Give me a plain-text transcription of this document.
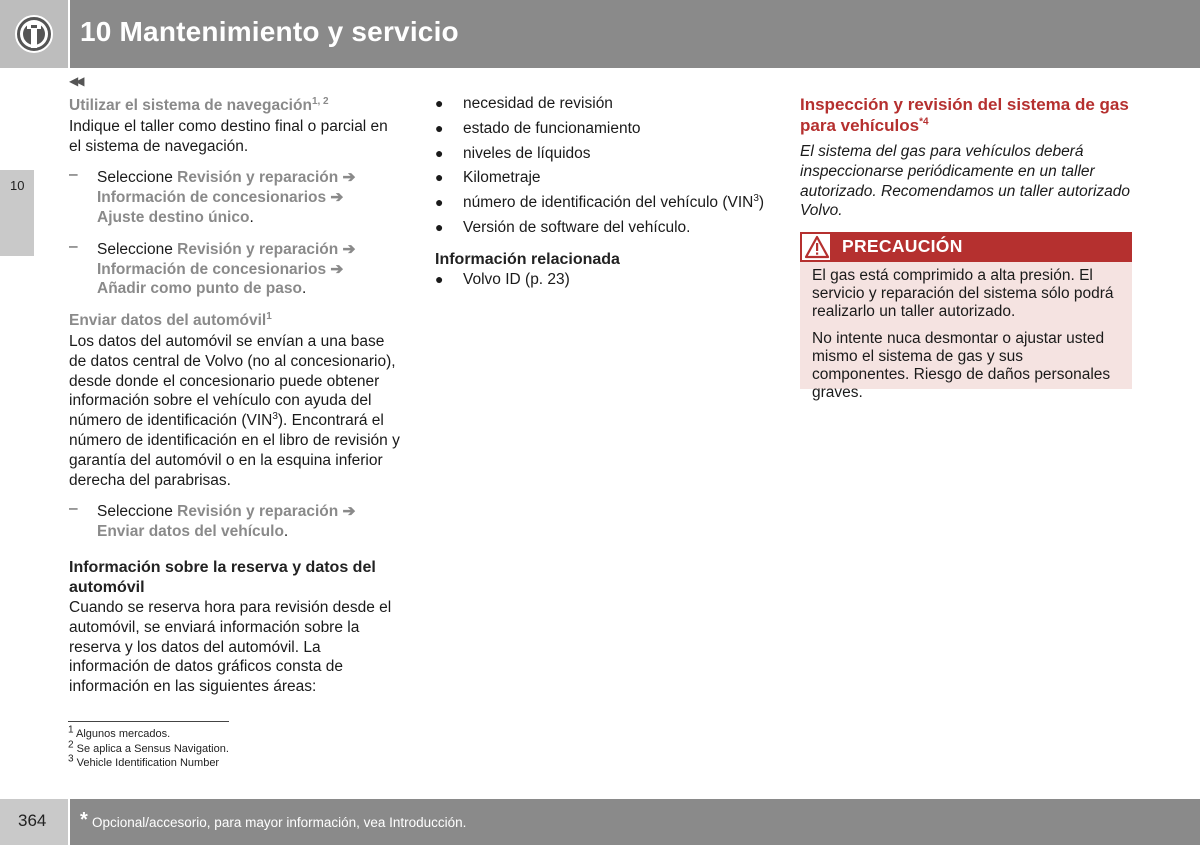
10 Mantenimiento y servicio
10
◀◀
Utilizar el sistema de navegación$^{1, 2}$
Indique el taller como destino final o parcial en el sistema de navegación.
– Seleccione Revisión y reparación ➔
Información de concesionarios ➔
Ajuste destino único.
– Seleccione Revisión y reparación ➔
Información de concesionarios ➔
Añadir como punto de paso.
Enviar datos del automóvil$^1$
Los datos del automóvil se envían a una base de datos central de Volvo (no al concesionario), desde donde el concesionario puede obtener información sobre el vehículo con ayuda del número de identificación (VIN$^3$). Encontrará el número de identificación en el libro de revisión y garantía del automóvil o en la esquina inferior derecha del parabrisas.
– Seleccione Revisión y reparación ➔
Enviar datos del vehículo.
Información sobre la reserva y datos del automóvil
Cuando se reserva hora para revisión desde el automóvil, se enviará información sobre la reserva y los datos del automóvil. La información de datos gráficos consta de información en las siguientes áreas:
● necesidad de revisión
● estado de funcionamiento
● niveles de líquidos
● Kilometraje
● número de identificación del vehículo (VIN$^3$)
● Versión de software del vehículo.
Información relacionada
● Volvo ID (p. 23)
Inspección y revisión del sistema de gas para vehículos$^{*4}$
El sistema del gas para vehículos deberá inspeccionarse periódicamente en un taller autorizado. Recomendamos un taller autorizado Volvo.
PRECAUCIÓN
El gas está comprimido a alta presión. El servicio y reparación del sistema sólo podrá realizarlo un taller autorizado.
No intente nuca desmontar o ajustar usted mismo el sistema de gas y sus componentes. Riesgo de daños personales graves.
$^1$ Algunos mercados.
$^2$ Se aplica a Sensus Navigation.
$^3$ Vehicle Identification Number
364 * Opcional/accesorio, para mayor información, vea Introducción.
